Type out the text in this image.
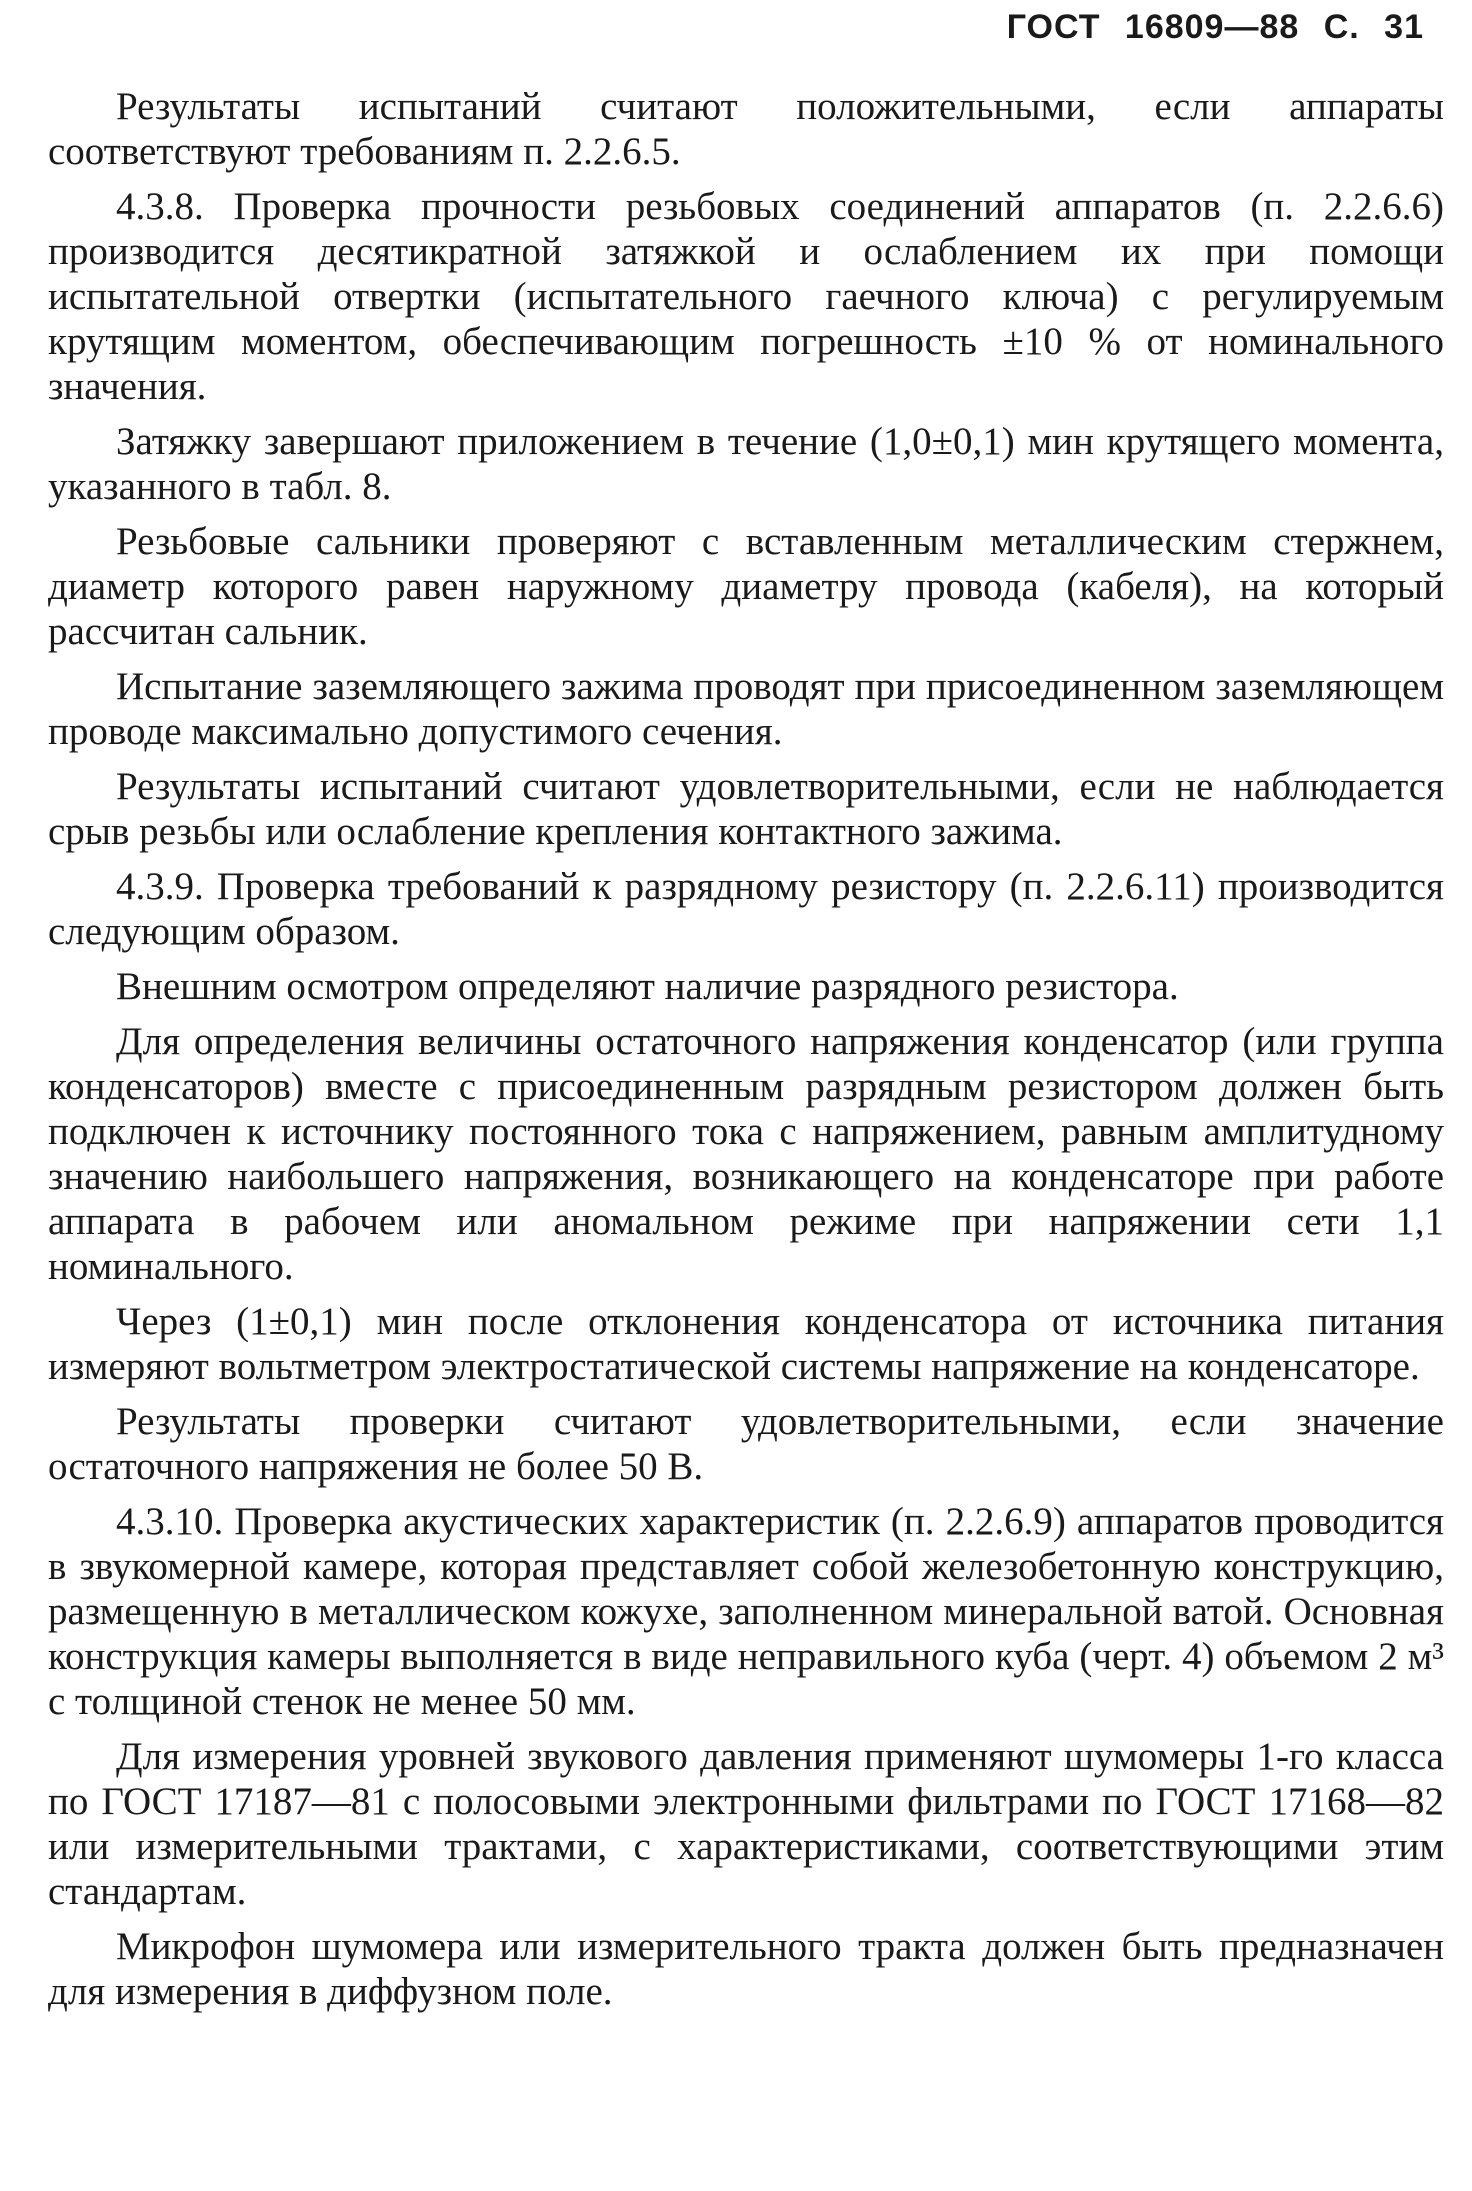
ГОСТ 16809—88 С. 31

Результаты испытаний считают положительными, если аппараты соответствуют требованиям п. 2.2.6.5.

4.3.8. Проверка прочности резьбовых соединений аппаратов (п. 2.2.6.6) производится десятикратной затяжкой и ослаблением их при помощи испытательной отвертки (испытательного гаечного ключа) с регулируемым крутящим моментом, обеспечивающим погрешность ±10 % от номинального значения.

Затяжку завершают приложением в течение (1,0±0,1) мин крутящего момента, указанного в табл. 8.

Резьбовые сальники проверяют с вставленным металлическим стержнем, диаметр которого равен наружному диаметру провода (кабеля), на который рассчитан сальник.

Испытание заземляющего зажима проводят при присоединенном заземляющем проводе максимально допустимого сечения.

Результаты испытаний считают удовлетворительными, если не наблюдается срыв резьбы или ослабление крепления контактного зажима.

4.3.9. Проверка требований к разрядному резистору (п. 2.2.6.11) производится следующим образом.

Внешним осмотром определяют наличие разрядного резистора.

Для определения величины остаточного напряжения конденсатор (или группа конденсаторов) вместе с присоединенным разрядным резистором должен быть подключен к источнику постоянного тока с напряжением, равным амплитудному значению наибольшего напряжения, возникающего на конденсаторе при работе аппарата в рабочем или аномальном режиме при напряжении сети 1,1 номинального.

Через (1±0,1) мин после отклонения конденсатора от источника питания измеряют вольтметром электростатической системы напряжение на конденсаторе.

Результаты проверки считают удовлетворительными, если значение остаточного напряжения не более 50 В.

4.3.10. Проверка акустических характеристик (п. 2.2.6.9) аппаратов проводится в звукомерной камере, которая представляет собой железобетонную конструкцию, размещенную в металлическом кожухе, заполненном минеральной ватой. Основная конструкция камеры выполняется в виде неправильного куба (черт. 4) объемом 2 м³ с толщиной стенок не менее 50 мм.

Для измерения уровней звукового давления применяют шумомеры 1-го класса по ГОСТ 17187—81 с полосовыми электронными фильтрами по ГОСТ 17168—82 или измерительными трактами, с характеристиками, соответствующими этим стандартам.

Микрофон шумомера или измерительного тракта должен быть предназначен для измерения в диффузном поле.
